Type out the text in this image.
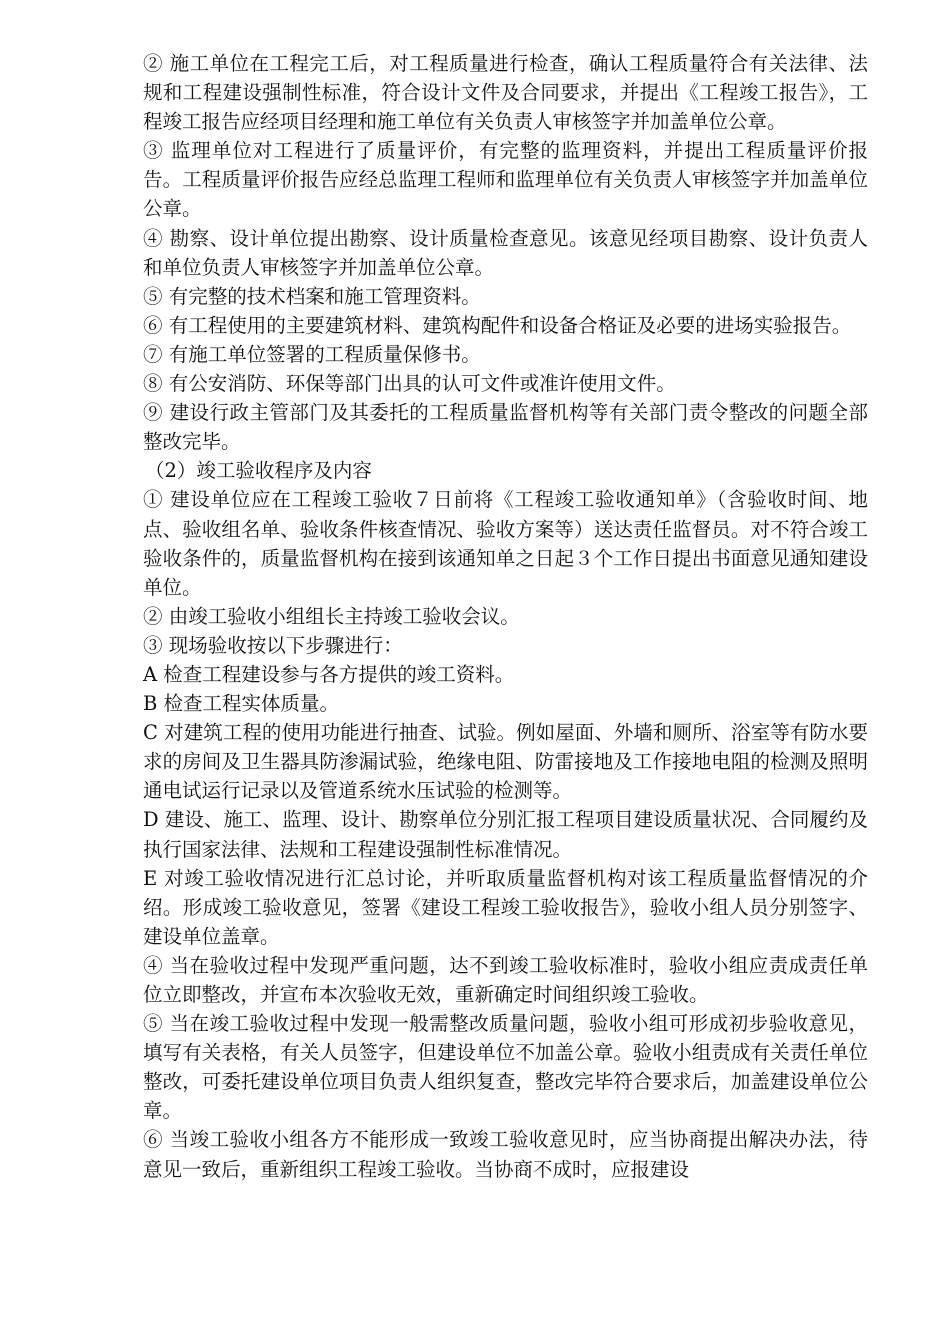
② 施工单位在工程完工后，对工程质量进行检查，确认工程质量符合有关法律、法规和工程建设强制性标准，符合设计文件及合同要求，并提出《工程竣工报告》，工程竣工报告应经项目经理和施工单位有关负责人审核签字并加盖单位公章。

③ 监理单位对工程进行了质量评价，有完整的监理资料，并提出工程质量评价报告。工程质量评价报告应经总监理工程师和监理单位有关负责人审核签字并加盖单位公章。

④ 勘察、设计单位提出勘察、设计质量检查意见。该意见经项目勘察、设计负责人和单位负责人审核签字并加盖单位公章。

⑤ 有完整的技术档案和施工管理资料。

⑥ 有工程使用的主要建筑材料、建筑构配件和设备合格证及必要的进场实验报告。

⑦ 有施工单位签署的工程质量保修书。

⑧ 有公安消防、环保等部门出具的认可文件或准许使用文件。

⑨ 建设行政主管部门及其委托的工程质量监督机构等有关部门责令整改的问题全部整改完毕。

（2）竣工验收程序及内容

① 建设单位应在工程竣工验收７日前将《工程竣工验收通知单》（含验收时间、地点、验收组名单、验收条件核查情况、验收方案等）送达责任监督员。对不符合竣工验收条件的，质量监督机构在接到该通知单之日起３个工作日提出书面意见通知建设单位。

② 由竣工验收小组组长主持竣工验收会议。

③ 现场验收按以下步骤进行：

A 检查工程建设参与各方提供的竣工资料。

B 检查工程实体质量。

C 对建筑工程的使用功能进行抽查、试验。例如屋面、外墙和厕所、浴室等有防水要求的房间及卫生器具防渗漏试验，绝缘电阻、防雷接地及工作接地电阻的检测及照明通电试运行记录以及管道系统水压试验的检测等。

D 建设、施工、监理、设计、勘察单位分别汇报工程项目建设质量状况、合同履约及执行国家法律、法规和工程建设强制性标准情况。

E 对竣工验收情况进行汇总讨论，并听取质量监督机构对该工程质量监督情况的介绍。形成竣工验收意见，签署《建设工程竣工验收报告》，验收小组人员分别签字、建设单位盖章。

④ 当在验收过程中发现严重问题，达不到竣工验收标准时，验收小组应责成责任单位立即整改，并宣布本次验收无效，重新确定时间组织竣工验收。

⑤ 当在竣工验收过程中发现一般需整改质量问题，验收小组可形成初步验收意见，填写有关表格，有关人员签字，但建设单位不加盖公章。验收小组责成有关责任单位整改，可委托建设单位项目负责人组织复查，整改完毕符合要求后，加盖建设单位公章。

⑥ 当竣工验收小组各方不能形成一致竣工验收意见时，应当协商提出解决办法，待意见一致后，重新组织工程竣工验收。当协商不成时，应报建设
